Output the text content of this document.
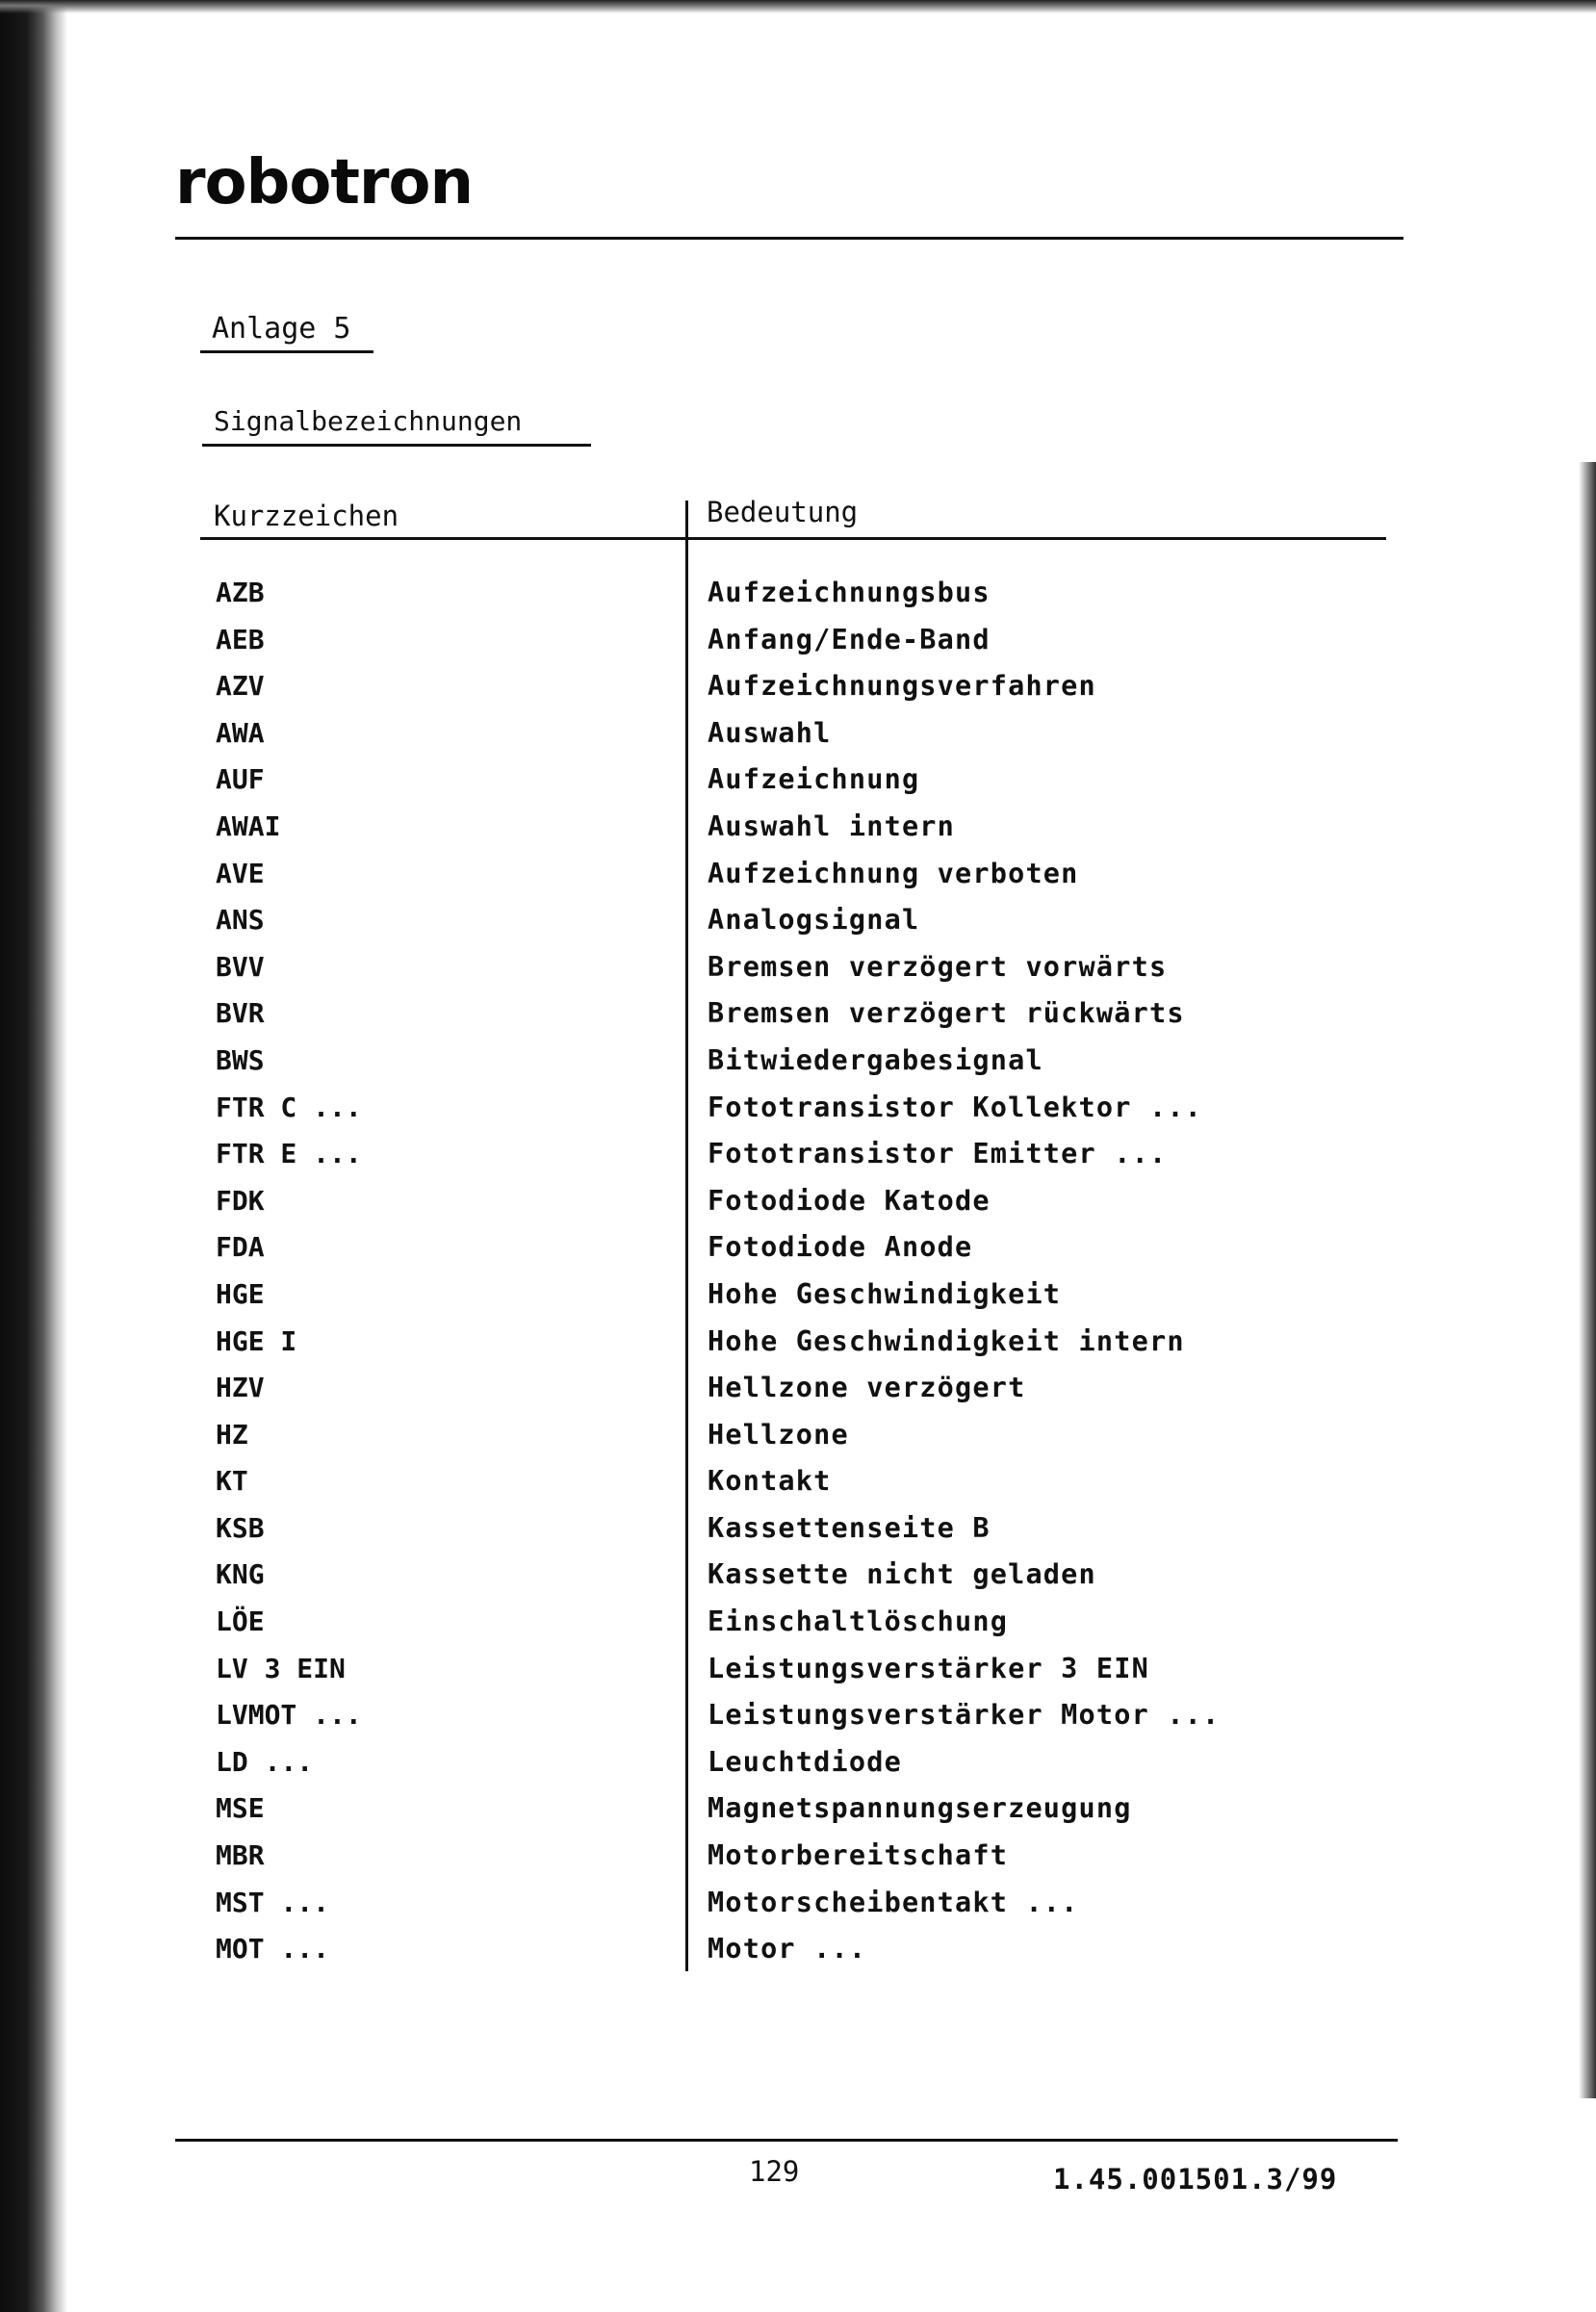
robotron
Anlage 5
Signalbezeichnungen
Kurzzeichen	Bedeutung
AZB	Aufzeichnungsbus
AEB	Anfang/Ende-Band
AZV	Aufzeichnungsverfahren
AWA	Auswahl
AUF	Aufzeichnung
AWAI	Auswahl intern
AVE	Aufzeichnung verboten
ANS	Analogsignal
BVV	Bremsen verzögert vorwärts
BVR	Bremsen verzögert rückwärts
BWS	Bitwiedergabesignal
FTR C ...	Fototransistor Kollektor ...
FTR E ...	Fototransistor Emitter ...
FDK	Fotodiode Katode
FDA	Fotodiode Anode
HGE	Hohe Geschwindigkeit
HGE I	Hohe Geschwindigkeit intern
HZV	Hellzone verzögert
HZ	Hellzone
KT	Kontakt
KSB	Kassettenseite B
KNG	Kassette nicht geladen
LÖE	Einschaltlöschung
LV 3 EIN	Leistungsverstärker 3 EIN
LVMOT ...	Leistungsverstärker Motor ...
LD ...	Leuchtdiode
MSE	Magnetspannungserzeugung
MBR	Motorbereitschaft
MST ...	Motorscheibentakt ...
MOT ...	Motor ...
129	1.45.001501.3/99
